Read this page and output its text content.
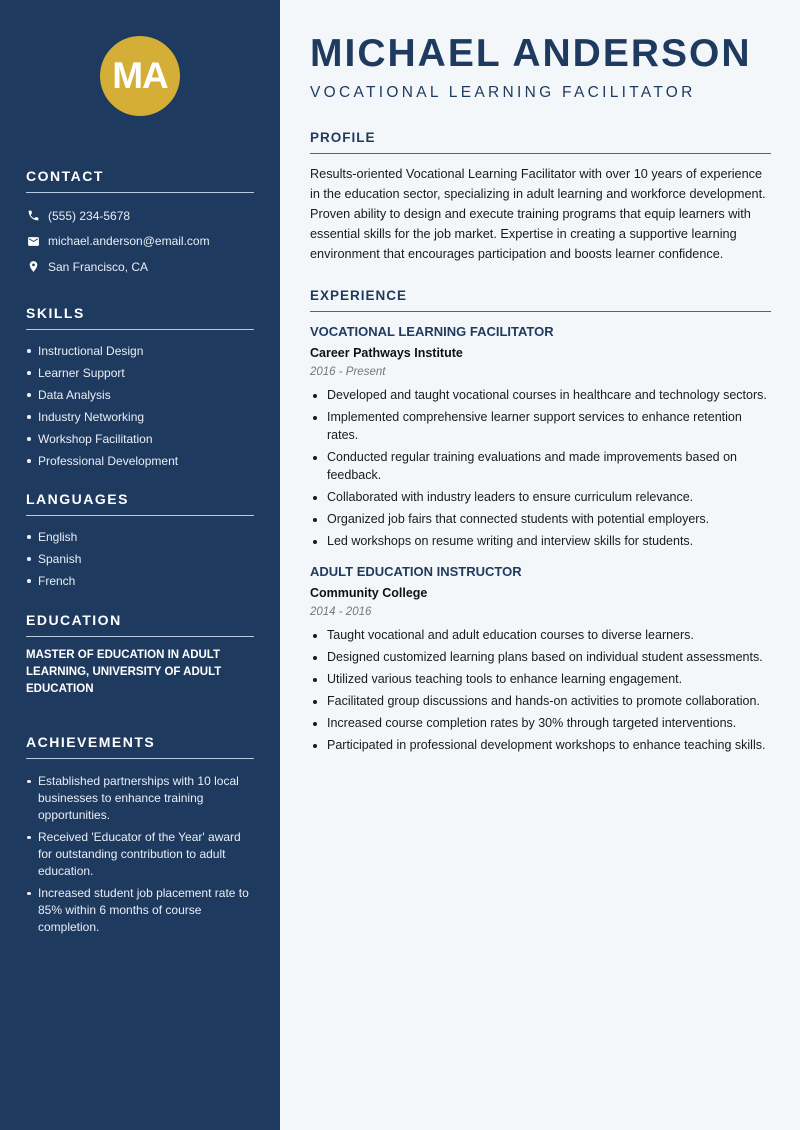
MA
CONTACT
(555) 234-5678
michael.anderson@email.com
San Francisco, CA
SKILLS
Instructional Design
Learner Support
Data Analysis
Industry Networking
Workshop Facilitation
Professional Development
LANGUAGES
English
Spanish
French
EDUCATION

MASTER OF EDUCATION IN ADULT LEARNING, UNIVERSITY OF ADULT EDUCATION

ACHIEVEMENTS
Established partnerships with 10 local businesses to enhance training opportunities.
Received 'Educator of the Year' award for outstanding contribution to adult education.
Increased student job placement rate to 85% within 6 months of course completion.
MICHAEL ANDERSON
VOCATIONAL LEARNING FACILITATOR
PROFILE

Results-oriented Vocational Learning Facilitator with over 10 years of experience in the education sector, specializing in adult learning and workforce development. Proven ability to design and execute training programs that equip learners with essential skills for the job market. Expertise in creating a supportive learning environment that encourages participation and boosts learner confidence.

EXPERIENCE
VOCATIONAL LEARNING FACILITATOR
Career Pathways Institute
2016 - Present
Developed and taught vocational courses in healthcare and technology sectors.
Implemented comprehensive learner support services to enhance retention rates.
Conducted regular training evaluations and made improvements based on feedback.
Collaborated with industry leaders to ensure curriculum relevance.
Organized job fairs that connected students with potential employers.
Led workshops on resume writing and interview skills for students.
ADULT EDUCATION INSTRUCTOR
Community College
2014 - 2016
Taught vocational and adult education courses to diverse learners.
Designed customized learning plans based on individual student assessments.
Utilized various teaching tools to enhance learning engagement.
Facilitated group discussions and hands-on activities to promote collaboration.
Increased course completion rates by 30% through targeted interventions.
Participated in professional development workshops to enhance teaching skills.
